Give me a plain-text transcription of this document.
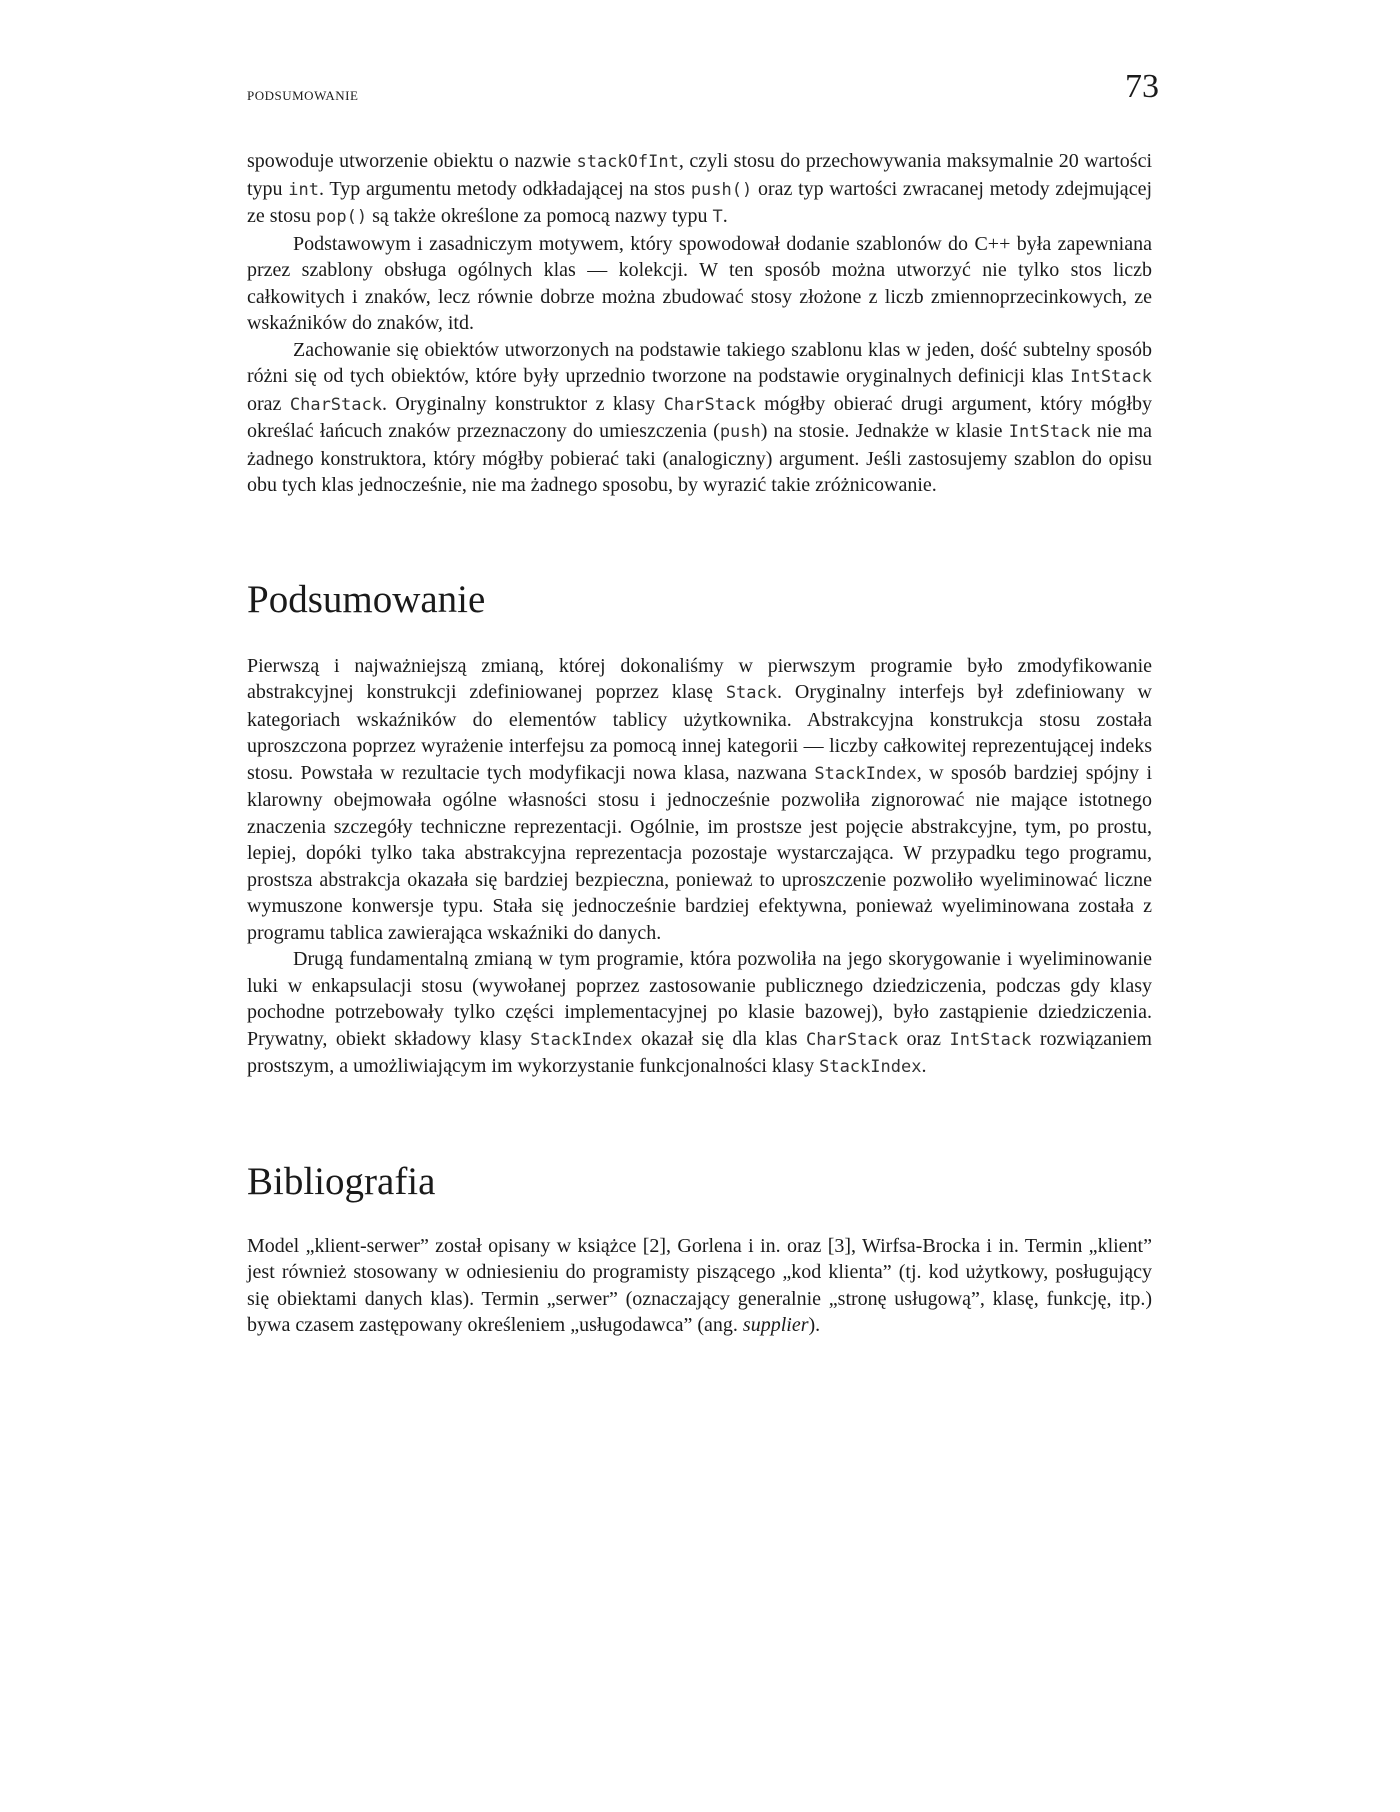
PODSUMOWANIE	73

spowoduje utworzenie obiektu o nazwie stackOfInt, czyli stosu do przechowywania maksymalnie 20 wartości typu int. Typ argumentu metody odkładającej na stos push() oraz typ wartości zwracanej metody zdejmującej ze stosu pop() są także określone za pomocą nazwy typu T.

Podstawowym i zasadniczym motywem, który spowodował dodanie szablonów do C++ była zapewniana przez szablony obsługa ogólnych klas — kolekcji. W ten sposób można utworzyć nie tylko stos liczb całkowitych i znaków, lecz równie dobrze można zbudować stosy złożone z liczb zmiennoprzecinkowych, ze wskaźników do znaków, itd.

Zachowanie się obiektów utworzonych na podstawie takiego szablonu klas w jeden, dość subtelny sposób różni się od tych obiektów, które były uprzednio tworzone na podstawie oryginalnych definicji klas IntStack oraz CharStack. Oryginalny konstruktor z klasy CharStack mógłby obierać drugi argument, który mógłby określać łańcuch znaków przeznaczony do umieszczenia (push) na stosie. Jednakże w klasie IntStack nie ma żadnego konstruktora, który mógłby pobierać taki (analogiczny) argument. Jeśli zastosujemy szablon do opisu obu tych klas jednocześnie, nie ma żadnego sposobu, by wyrazić takie zróżnicowanie.

Podsumowanie

Pierwszą i najważniejszą zmianą, której dokonaliśmy w pierwszym programie było zmodyfikowanie abstrakcyjnej konstrukcji zdefiniowanej poprzez klasę Stack. Oryginalny interfejs był zdefiniowany w kategoriach wskaźników do elementów tablicy użytkownika. Abstrakcyjna konstrukcja stosu została uproszczona poprzez wyrażenie interfejsu za pomocą innej kategorii — liczby całkowitej reprezentującej indeks stosu. Powstała w rezultacie tych modyfikacji nowa klasa, nazwana StackIndex, w sposób bardziej spójny i klarowny obejmowała ogólne własności stosu i jednocześnie pozwoliła zignorować nie mające istotnego znaczenia szczegóły techniczne reprezentacji. Ogólnie, im prostsze jest pojęcie abstrakcyjne, tym, po prostu, lepiej, dopóki tylko taka abstrakcyjna reprezentacja pozostaje wystarczająca. W przypadku tego programu, prostsza abstrakcja okazała się bardziej bezpieczna, ponieważ to uproszczenie pozwoliło wyeliminować liczne wymuszone konwersje typu. Stała się jednocześnie bardziej efektywna, ponieważ wyeliminowana została z programu tablica zawierająca wskaźniki do danych.

Drugą fundamentalną zmianą w tym programie, która pozwoliła na jego skorygowanie i wyeliminowanie luki w enkapsulacji stosu (wywołanej poprzez zastosowanie publicznego dziedziczenia, podczas gdy klasy pochodne potrzebowały tylko części implementacyjnej po klasie bazowej), było zastąpienie dziedziczenia. Prywatny, obiekt składowy klasy StackIndex okazał się dla klas CharStack oraz IntStack rozwiązaniem prostszym, a umożliwiającym im wykorzystanie funkcjonalności klasy StackIndex.

Bibliografia

Model „klient-serwer” został opisany w książce [2], Gorlena i in. oraz [3], Wirfsa-Brocka i in. Termin „klient” jest również stosowany w odniesieniu do programisty piszącego „kod klienta” (tj. kod użytkowy, posługujący się obiektami danych klas). Termin „serwer” (oznaczający generalnie „stronę usługową”, klasę, funkcję, itp.) bywa czasem zastępowany określeniem „usługodawca” (ang. supplier).
